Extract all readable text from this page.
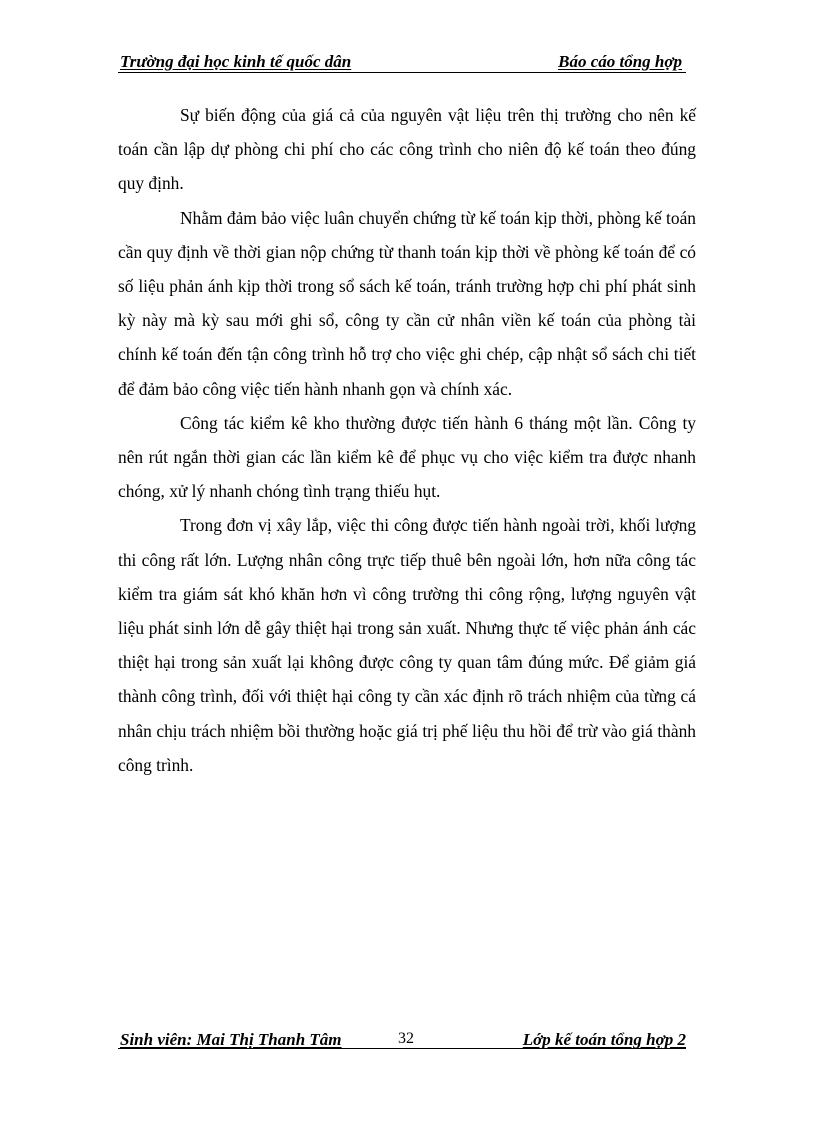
Trường đại học kinh tế quốc dân	Báo cáo tổng hợp

Sự biến động của giá cả của nguyên vật liệu trên thị trường cho nên kế toán cần lập dự phòng chi phí cho các công trình cho niên độ kế toán theo đúng quy định.

Nhằm đảm bảo việc luân chuyển chứng từ kế toán kịp thời, phòng kế toán cần quy định về thời gian nộp chứng từ thanh toán kịp thời về phòng kế toán để có số liệu phản ánh kịp thời trong sổ sách kế toán, tránh trường hợp chi phí phát sinh kỳ này mà kỳ sau mới ghi sổ, công ty cần cử nhân viền kế toán của phòng tài chính kế toán đến tận công trình hỗ trợ cho việc ghi chép, cập nhật sổ sách chi tiết để đảm bảo công việc tiến hành nhanh gọn và chính xác.

Công tác kiểm kê kho thường được tiến hành 6 tháng một lần. Công ty nên rút ngắn thời gian các lần kiểm kê để phục vụ cho việc kiểm tra được nhanh chóng, xử lý nhanh chóng tình trạng thiếu hụt.

Trong đơn vị xây lắp, việc thi công được tiến hành ngoài trời, khối lượng thi công rất lớn. Lượng nhân công trực tiếp thuê bên ngoài lớn, hơn nữa công tác kiểm tra giám sát khó khăn hơn vì công trường thi công rộng, lượng nguyên vật liệu phát sinh lớn dễ gây thiệt hại trong sản xuất. Nhưng thực tế việc phản ánh các thiệt hại trong sản xuất lại không được công ty quan tâm đúng mức. Để giảm giá thành công trình, đối với thiệt hại công ty cần xác định rõ trách nhiệm của từng cá nhân chịu trách nhiệm bồi thường hoặc giá trị phế liệu thu hồi để trừ vào giá thành công trình.

Sinh viên: Mai Thị Thanh Tâm	32	Lớp kế toán tổng hợp 2
